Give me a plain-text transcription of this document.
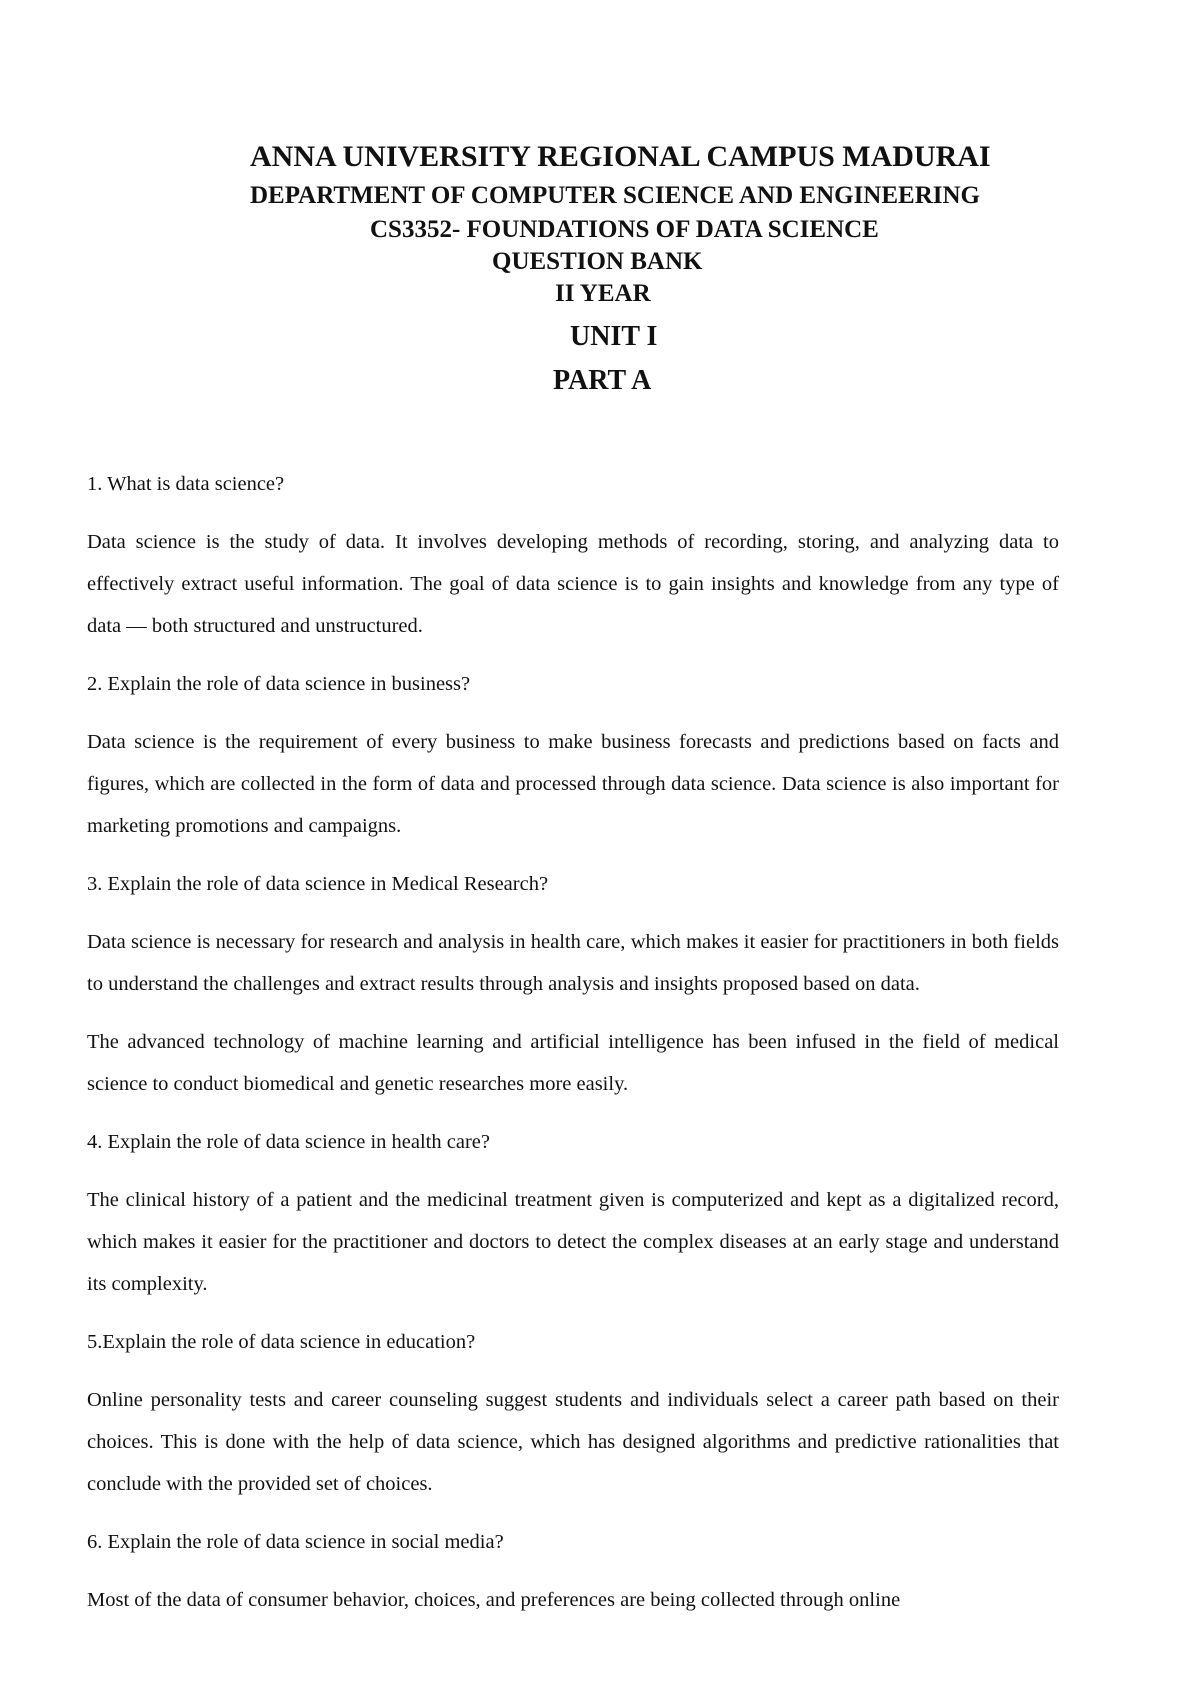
ANNA UNIVERSITY REGIONAL CAMPUS MADURAI
DEPARTMENT OF COMPUTER SCIENCE AND ENGINEERING
CS3352- FOUNDATIONS OF DATA SCIENCE
QUESTION BANK
II YEAR
UNIT I
PART A

1. What is data science?

Data science is the study of data. It involves developing methods of recording, storing, and analyzing data to effectively extract useful information. The goal of data science is to gain insights and knowledge from any type of data — both structured and unstructured.

2. Explain the role of data science in business?

Data science is the requirement of every business to make business forecasts and predictions based on facts and figures, which are collected in the form of data and processed through data science. Data science is also important for marketing promotions and campaigns.

3. Explain the role of data science in Medical Research?

Data science is necessary for research and analysis in health care, which makes it easier for practitioners in both fields to understand the challenges and extract results through analysis and insights proposed based on data.

The advanced technology of machine learning and artificial intelligence has been infused in the field of medical science to conduct biomedical and genetic researches more easily.

4. Explain the role of data science in health care?

The clinical history of a patient and the medicinal treatment given is computerized and kept as a digitalized record, which makes it easier for the practitioner and doctors to detect the complex diseases at an early stage and understand its complexity.

5.Explain the role of data science in education?

Online personality tests and career counseling suggest students and individuals select a career path based on their choices. This is done with the help of data science, which has designed algorithms and predictive rationalities that conclude with the provided set of choices.

6. Explain the role of data science in social media?

Most of the data of consumer behavior, choices, and preferences are being collected through online
